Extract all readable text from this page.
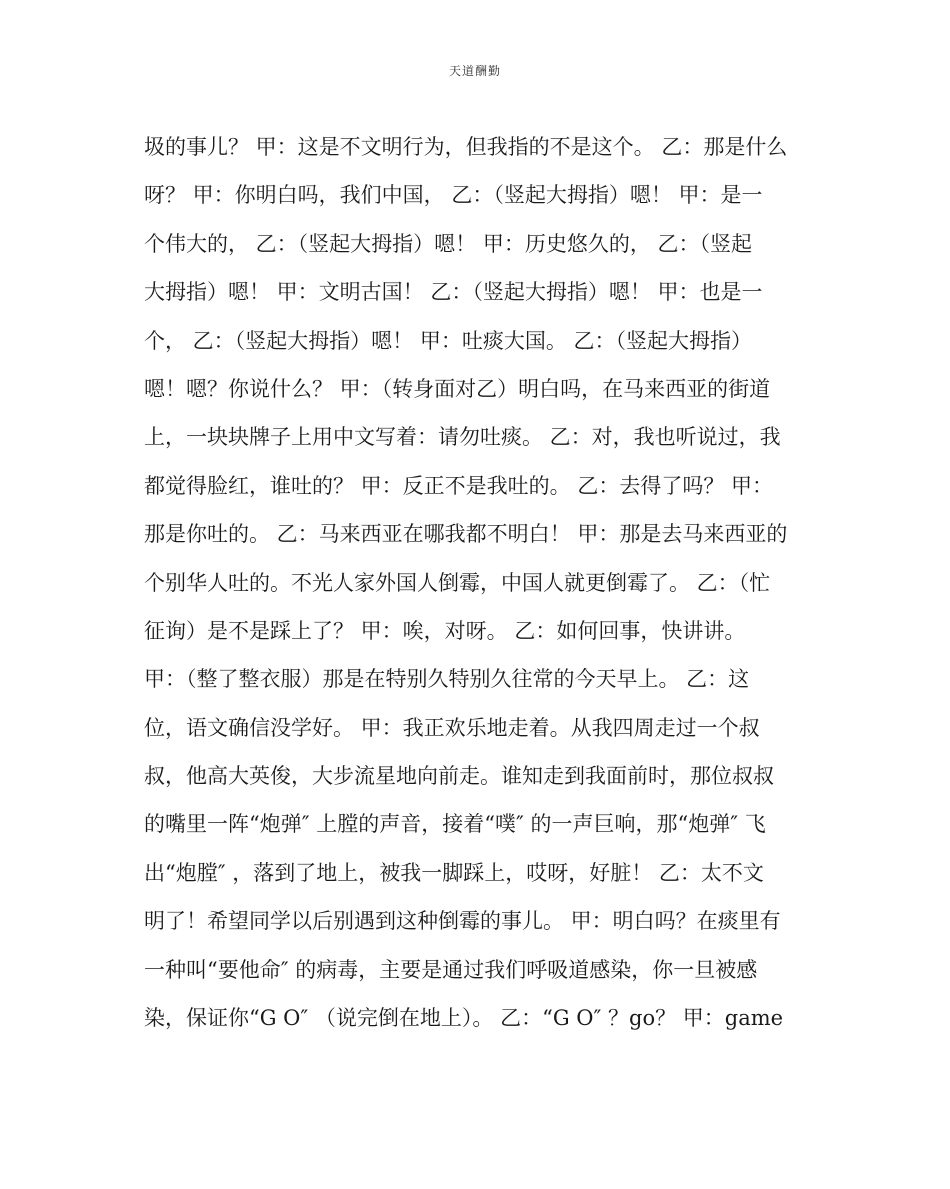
天道酬勤
圾的事儿？ 甲：这是不文明行为，但我指的不是这个。 乙：那是什么
呀？ 甲：你明白吗，我们中国， 乙：（竖起大拇指）嗯！ 甲：是一
个伟大的， 乙：（竖起大拇指）嗯！ 甲：历史悠久的， 乙：（竖起
大拇指）嗯！ 甲：文明古国！ 乙：（竖起大拇指）嗯！ 甲：也是一
个， 乙：（竖起大拇指）嗯！ 甲：吐痰大国。 乙：（竖起大拇指）
嗯！嗯？你说什么？ 甲：（转身面对乙）明白吗，在马来西亚的街道
上，一块块牌子上用中文写着：请勿吐痰。 乙：对，我也听说过，我
都觉得脸红，谁吐的？ 甲：反正不是我吐的。 乙：去得了吗？ 甲：
那是你吐的。 乙：马来西亚在哪我都不明白！ 甲：那是去马来西亚的
个别华人吐的。不光人家外国人倒霉，中国人就更倒霉了。 乙：（忙
征询）是不是踩上了？ 甲：唉，对呀。 乙：如何回事，快讲讲。
甲：（整了整衣服）那是在特别久特别久往常的今天早上。 乙：这
位，语文确信没学好。 甲：我正欢乐地走着。从我四周走过一个叔
叔，他高大英俊，大步流星地向前走。谁知走到我面前时，那位叔叔
的嘴里一阵“炮弹″ 上膛的声音，接着“噗″ 的一声巨响，那“炮弹″ 飞
出“炮膛″ ，落到了地上，被我一脚踩上，哎呀，好脏！ 乙：太不文
明了！希望同学以后别遇到这种倒霉的事儿。 甲：明白吗？在痰里有
一种叫“要他命″ 的病毒，主要是通过我们呼吸道感染，你一旦被感
染，保证你“G O″ （说完倒在地上）。 乙：“G O″ ？go？ 甲：game
